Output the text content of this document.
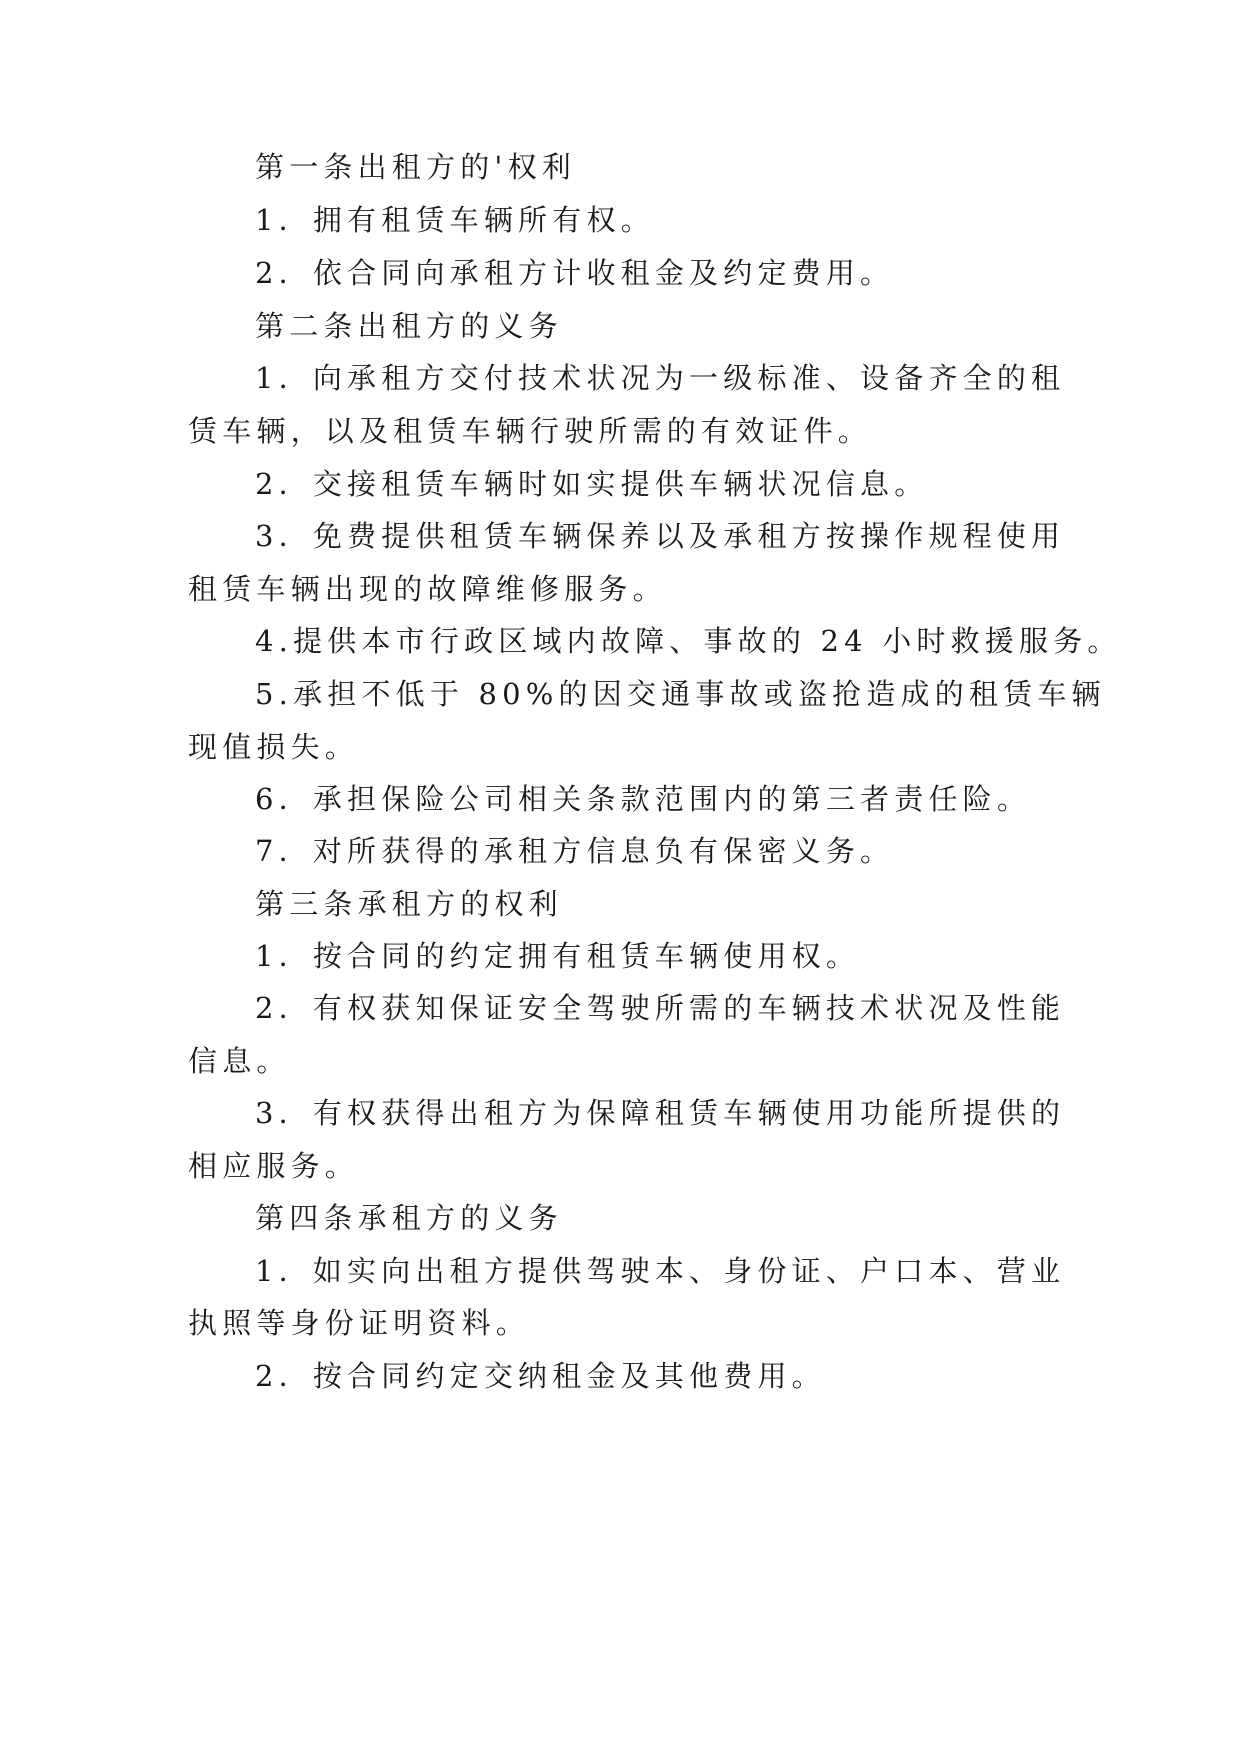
第一条出租方的'权利
1．拥有租赁车辆所有权。
2．依合同向承租方计收租金及约定费用。
第二条出租方的义务
1．向承租方交付技术状况为一级标准、设备齐全的租
赁车辆，以及租赁车辆行驶所需的有效证件。
2．交接租赁车辆时如实提供车辆状况信息。
3．免费提供租赁车辆保养以及承租方按操作规程使用
租赁车辆出现的故障维修服务。
4.提供本市行政区域内故障、事故的 24 小时救援服务。
5.承担不低于 80%的因交通事故或盗抢造成的租赁车辆
现值损失。
6．承担保险公司相关条款范围内的第三者责任险。
7．对所获得的承租方信息负有保密义务。
第三条承租方的权利
1．按合同的约定拥有租赁车辆使用权。
2．有权获知保证安全驾驶所需的车辆技术状况及性能
信息。
3．有权获得出租方为保障租赁车辆使用功能所提供的
相应服务。
第四条承租方的义务
1．如实向出租方提供驾驶本、身份证、户口本、营业
执照等身份证明资料。
2．按合同约定交纳租金及其他费用。
